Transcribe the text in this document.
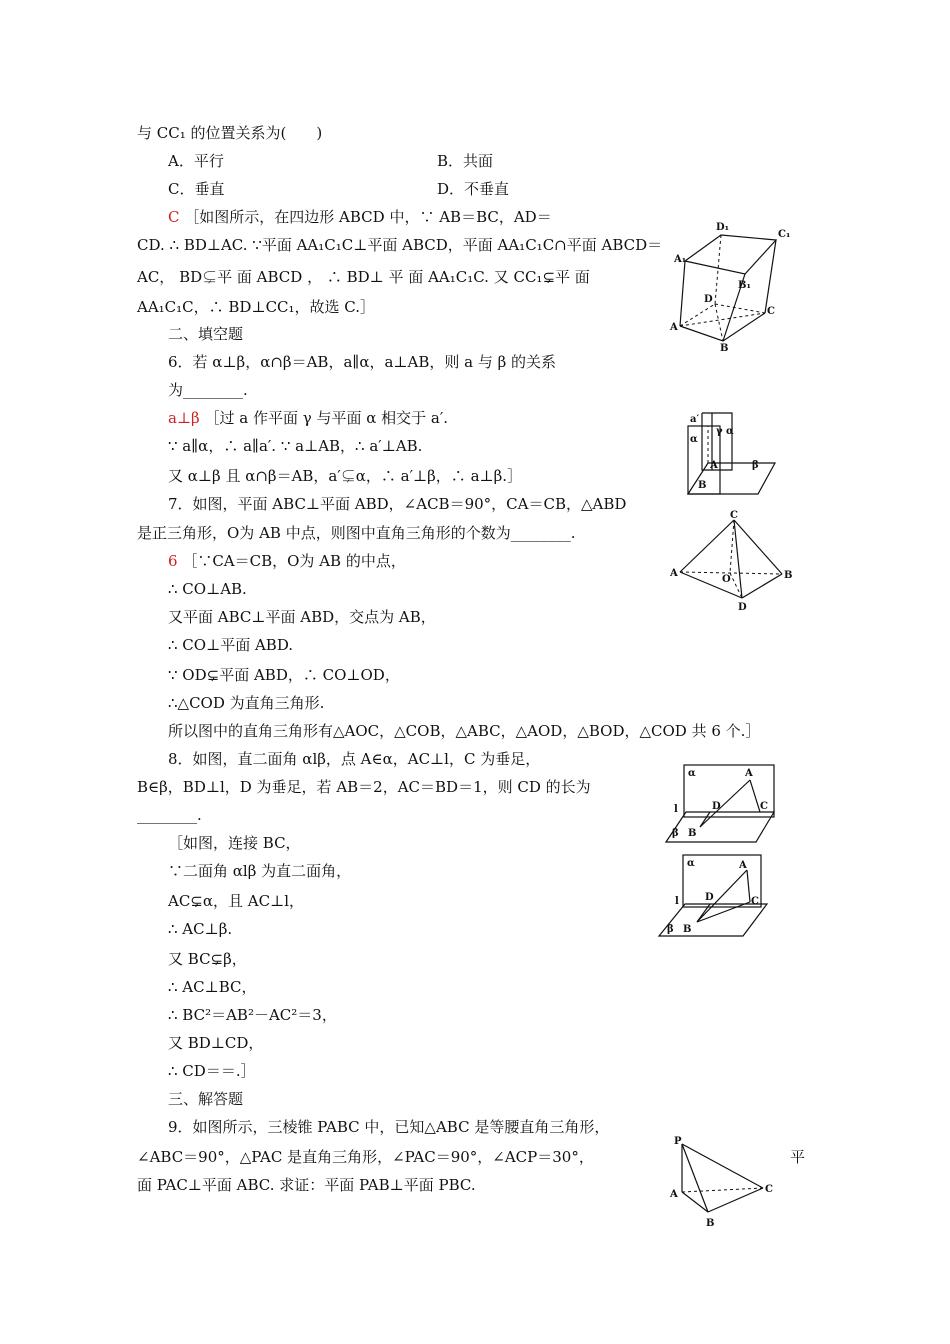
与 CC₁ 的位置关系为(　　)
A．平行	B．共面
C．垂直	D．不垂直
C ［如图所示，在四边形 ABCD 中，∵ AB＝BC，AD＝
CD. ∴ BD⊥AC. ∵平面 AA₁C₁C⊥平面 ABCD，平面 AA₁C₁C∩平面 ABCD＝
AC， BD⊊平 面 ABCD ， ∴ BD⊥ 平 面 AA₁C₁C. 又 CC₁⊊平 面
AA₁C₁C，∴ BD⊥CC₁，故选 C.］
A₁
D₁
C₁
B₁
D
A
C
B
二、填空题
6．若 α⊥β，α∩β＝AB，a∥α，a⊥AB，则 a 与 β 的关系
为________.
a⊥β ［过 a 作平面 γ 与平面 α 相交于 a′.
∵ a∥α，∴ a∥a′. ∵ a⊥AB，∴ a′⊥AB.
又 α⊥β 且 α∩β＝AB，a′⊊α，∴ a′⊥β，∴ a⊥β.］
a′
α
γ α
A	β
B
7．如图，平面 ABC⊥平面 ABD，∠ACB＝90°，CA＝CB，△ABD
是正三角形，O为 AB 中点，则图中直角三角形的个数为________.
6 ［∵CA＝CB，O为 AB 的中点，
∴ CO⊥AB.
又平面 ABC⊥平面 ABD，交点为 AB，
∴ CO⊥平面 ABD.
∵ OD⊊平面 ABD，∴ CO⊥OD，
∴△COD 为直角三角形.
所以图中的直角三角形有△AOC，△COB，△ABC，△AOD，△BOD，△COD 共 6 个.］
C
A
O	B
D
8．如图，直二面角 αlβ，点 A∈α，AC⊥l，C 为垂足，
B∈β，BD⊥l，D 为垂足，若 AB＝2，AC＝BD＝1，则 CD 的长为
________.
［如图，连接 BC，
∵二面角 αlβ 为直二面角，
AC⊊α，且 AC⊥l，
∴ AC⊥β.
又 BC⊊β，
∴ AC⊥BC，
∴ BC²＝AB²－AC²＝3，
又 BD⊥CD，
∴ CD＝＝.］
α	A
l	D	C
β B
α	A
l	D	C
β B
三、解答题
9．如图所示，三棱锥 PABC 中，已知△ABC 是等腰直角三角形，
∠ABC＝90°，△PAC 是直角三角形，∠PAC＝90°，∠ACP＝30°，	平
面 PAC⊥平面 ABC. 求证：平面 PAB⊥平面 PBC.
P
A	C
B
